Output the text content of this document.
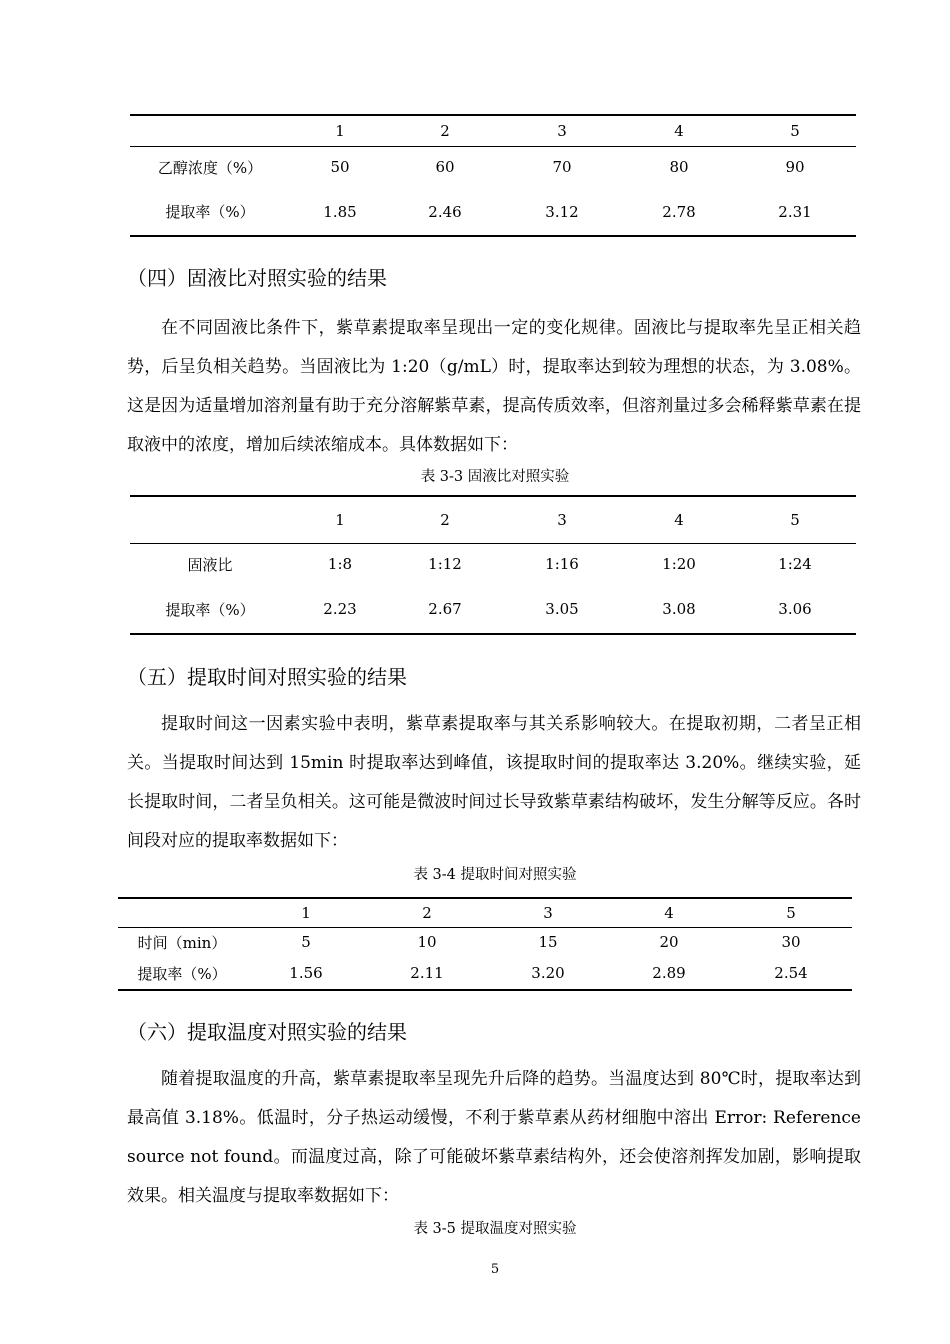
	1	2	3	4	5
乙醇浓度（%）	50	60	70	80	90
提取率（%）	1.85	2.46	3.12	2.78	2.31
（四）固液比对照实验的结果

在不同固液比条件下，紫草素提取率呈现出一定的变化规律。固液比与提取率先呈正相关趋势，后呈负相关趋势。当固液比为 1:20（g/mL）时，提取率达到较为理想的状态，为 3.08%。这是因为适量增加溶剂量有助于充分溶解紫草素，提高传质效率，但溶剂量过多会稀释紫草素在提取液中的浓度，增加后续浓缩成本。具体数据如下：

表 3-3 固液比对照实验

	1	2	3	4	5
固液比	1:8	1:12	1:16	1:20	1:24
提取率（%）	2.23	2.67	3.05	3.08	3.06
（五）提取时间对照实验的结果

提取时间这一因素实验中表明，紫草素提取率与其关系影响较大。在提取初期，二者呈正相关。当提取时间达到 15min 时提取率达到峰值，该提取时间的提取率达 3.20%。继续实验，延长提取时间，二者呈负相关。这可能是微波时间过长导致紫草素结构破坏，发生分解等反应。各时间段对应的提取率数据如下：

表 3-4 提取时间对照实验

	1	2	3	4	5
时间（min）	5	10	15	20	30
提取率（%）	1.56	2.11	3.20	2.89	2.54
（六）提取温度对照实验的结果

随着提取温度的升高，紫草素提取率呈现先升后降的趋势。当温度达到 80℃时，提取率达到最高值 3.18%。低温时，分子热运动缓慢，不利于紫草素从药材细胞中溶出 Error: Reference source not found。而温度过高，除了可能破坏紫草素结构外，还会使溶剂挥发加剧，影响提取效果。相关温度与提取率数据如下：

表 3-5 提取温度对照实验

5
